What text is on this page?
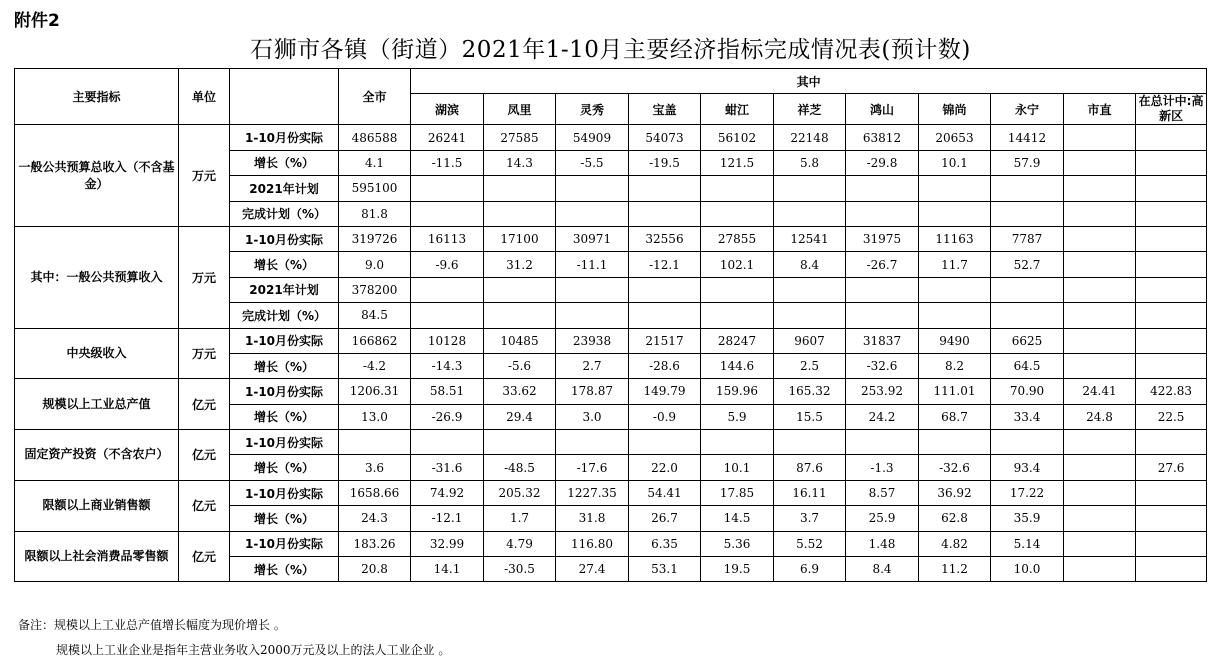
附件2
石狮市各镇（街道）2021年1-10月主要经济指标完成情况表(预计数)
主要指标	单位		全市	其中										
				湖滨	凤里	灵秀	宝盖	蚶江	祥芝	鸿山	锦尚	永宁	市直	在总计中:高新区

一般公共预算总收入（不含基金）	万元	1-10月份实际	486588	26241	27585	54909	54073	56102	22148	63812	20653	14412		
		增长（%）	4.1	-11.5	14.3	-5.5	-19.5	121.5	5.8	-29.8	10.1	57.9		
		2021年计划	595100											
		完成计划（%）	81.8											
其中：一般公共预算收入	万元	1-10月份实际	319726	16113	17100	30971	32556	27855	12541	31975	11163	7787		
		增长（%）	9.0	-9.6	31.2	-11.1	-12.1	102.1	8.4	-26.7	11.7	52.7		
		2021年计划	378200											
		完成计划（%）	84.5											
中央级收入	万元	1-10月份实际	166862	10128	10485	23938	21517	28247	9607	31837	9490	6625		
		增长（%）	-4.2	-14.3	-5.6	2.7	-28.6	144.6	2.5	-32.6	8.2	64.5		
规模以上工业总产值	亿元	1-10月份实际	1206.31	58.51	33.62	178.87	149.79	159.96	165.32	253.92	111.01	70.90	24.41	422.83
		增长（%）	13.0	-26.9	29.4	3.0	-0.9	5.9	15.5	24.2	68.7	33.4	24.8	22.5
固定资产投资（不含农户）	亿元	1-10月份实际												
		增长（%）	3.6	-31.6	-48.5	-17.6	22.0	10.1	87.6	-1.3	-32.6	93.4		27.6
限额以上商业销售额	亿元	1-10月份实际	1658.66	74.92	205.32	1227.35	54.41	17.85	16.11	8.57	36.92	17.22		
		增长（%）	24.3	-12.1	1.7	31.8	26.7	14.5	3.7	25.9	62.8	35.9		
限额以上社会消费品零售额	亿元	1-10月份实际	183.26	32.99	4.79	116.80	6.35	5.36	5.52	1.48	4.82	5.14		
		增长（%）	20.8	14.1	-30.5	27.4	53.1	19.5	6.9	8.4	11.2	10.0		
备注：规模以上工业总产值增长幅度为现价增长 。
规模以上工业企业是指年主营业务收入2000万元及以上的法人工业企业 。
